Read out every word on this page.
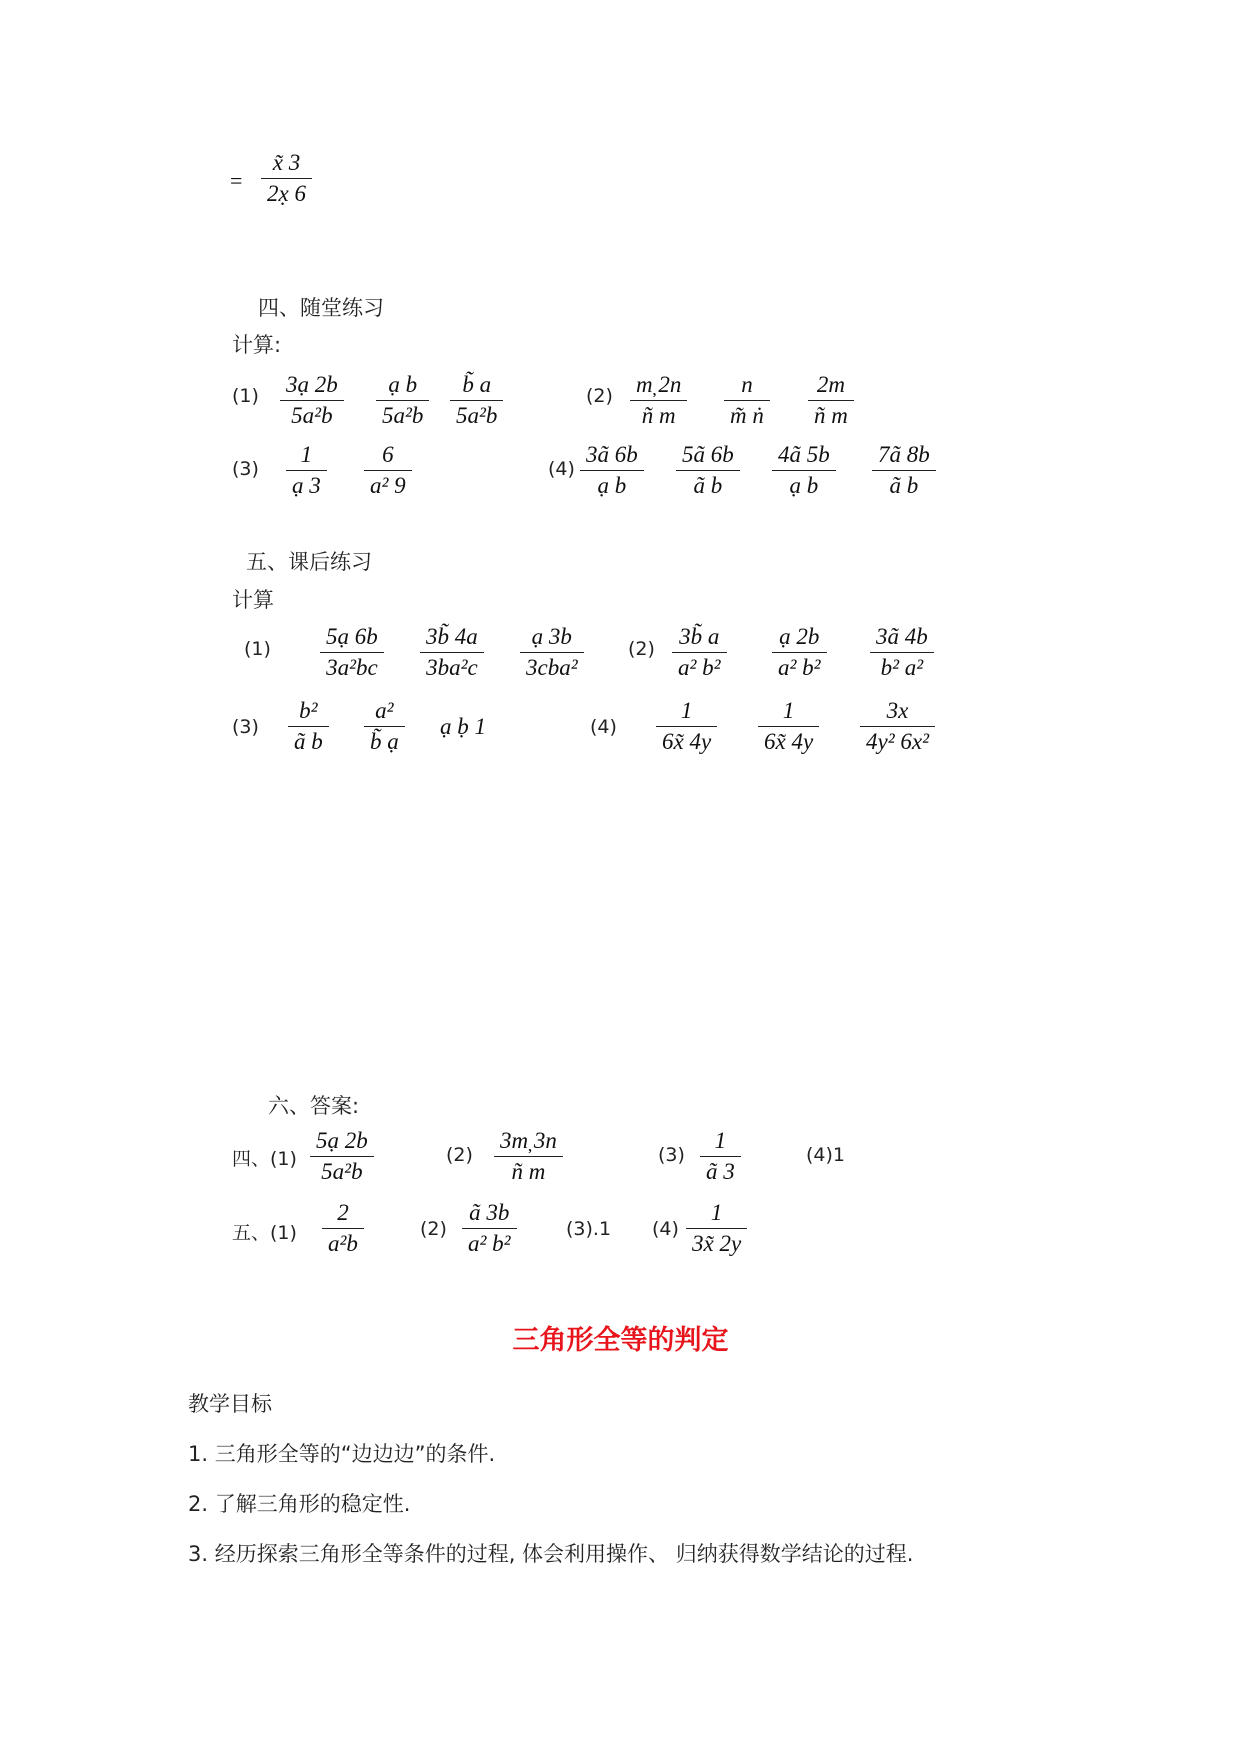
=
x̃ 3
2x̣ 6
四、随堂练习
计算:
(1) 3ạ 2b
5a²b
ạ b
5a²b
b̃ a
5a²b
(2) m̦ 2n
ñ m
n
m̃ ṅ
2m
ñ m
(3)
1
ạ 3
6
a² 9
(4)
3ã 6b
ạ b
5ã 6b
ã b
4ã 5b
ạ b
7ã 8b
ã b
五、课后练习
计算
(1) 5ạ 6b
3a²bc
3b̃ 4a
3ba²c
ạ 3b
3cba²
(2) 3b̃ a
a² b²
ạ 2b
a² b²
3ã 4b
b² a²
(3)
b²
ã b
a²
b̃ ạ
ạ ḅ 1	(4)
1
6x̃ 4y
1
6x̃ 4y
3x
4y² 6x²
六、答案:
四、(1)
5ạ 2b
5a²b
(2)
3m̦ 3n
ñ m
(3)
1
ã 3
(4)1
五、(1)
2
a²b
(2)
ã 3b
a² b²
(3).1 (4)
1
3x̃ 2y
三角形全等的判定
教学目标
1. 三角形全等的“边边边”的条件.
2. 了解三角形的稳定性.
3. 经历探索三角形全等条件的过程, 体会利用操作、 归纳获得数学结论的过程.
